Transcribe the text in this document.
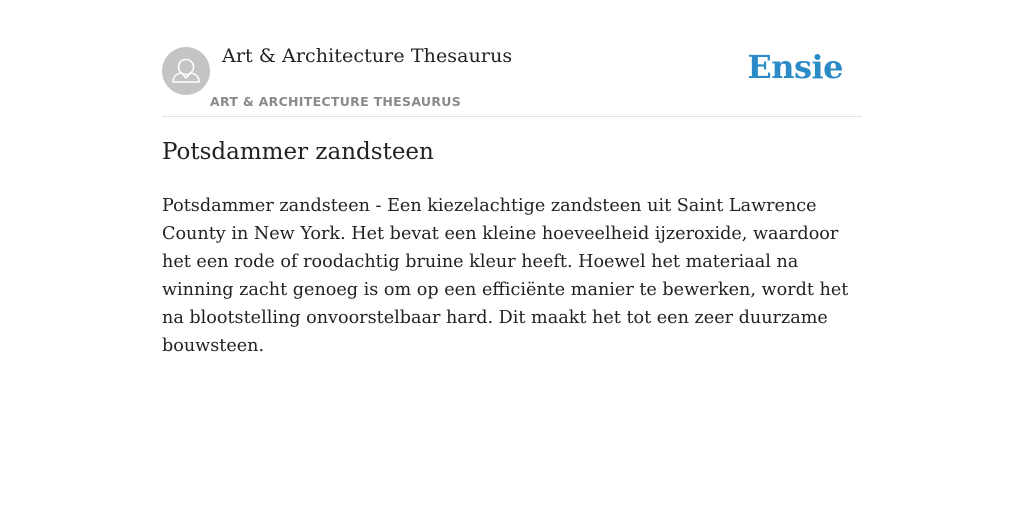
Art & Architecture Thesaurus
ART & ARCHITECTURE THESAURUS
Ensie
Potsdammer zandsteen

Potsdammer zandsteen - Een kiezelachtige zandsteen uit Saint Lawrence County in New York. Het bevat een kleine hoeveelheid ijzeroxide, waardoor het een rode of roodachtig bruine kleur heeft. Hoewel het materiaal na winning zacht genoeg is om op een efficiënte manier te bewerken, wordt het na blootstelling onvoorstelbaar hard. Dit maakt het tot een zeer duurzame bouwsteen.
